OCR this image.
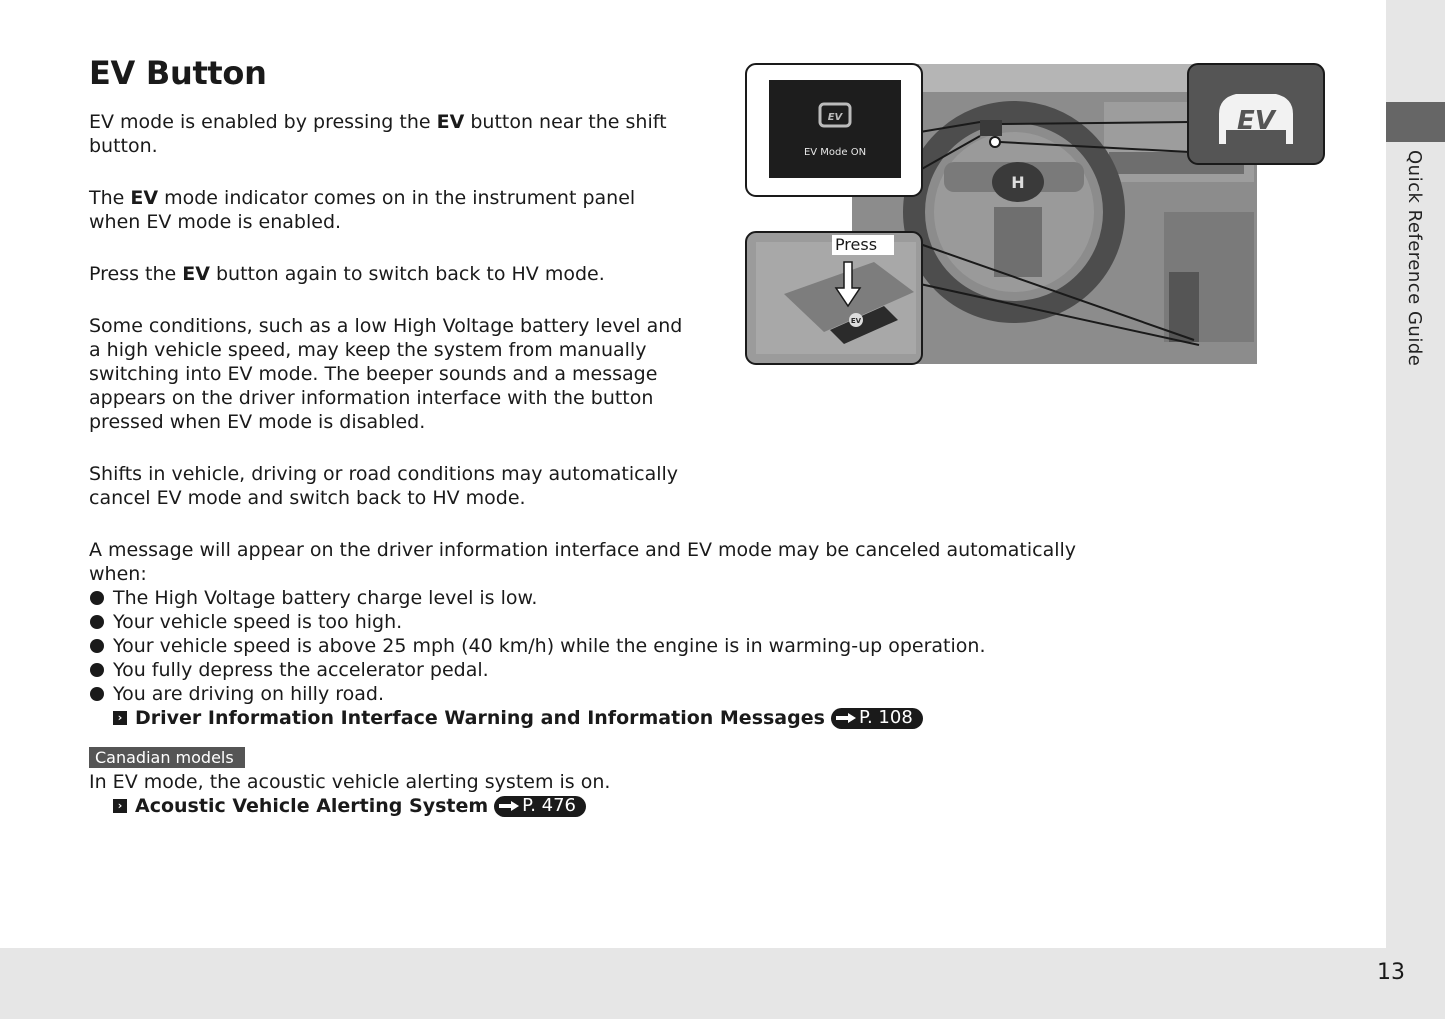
EV Button

EV mode is enabled by pressing the EV button near the shift button.

The EV mode indicator comes on in the instrument panel when EV mode is enabled.

Press the EV button again to switch back to HV mode.

Some conditions, such as a low High Voltage battery level and a high vehicle speed, may keep the system from manually switching into EV mode. The beeper sounds and a message appears on the driver information interface with the button pressed when EV mode is disabled.

Shifts in vehicle, driving or road conditions may automatically cancel EV mode and switch back to HV mode.

A message will appear on the driver information interface and EV mode may be canceled automatically when:
The High Voltage battery charge level is low.
Your vehicle speed is too high.
Your vehicle speed is above 25 mph (40 km/h) while the engine is in warming-up operation.
You fully depress the accelerator pedal.
You are driving on hilly road.
› Driver Information Interface Warning and Information Messages P. 108
Canadian models
In EV mode, the acoustic vehicle alerting system is on.
› Acoustic Vehicle Alerting System P. 476
H
EV
EV Mode ON
EV
EV
Press	Quick Reference Guide
13
